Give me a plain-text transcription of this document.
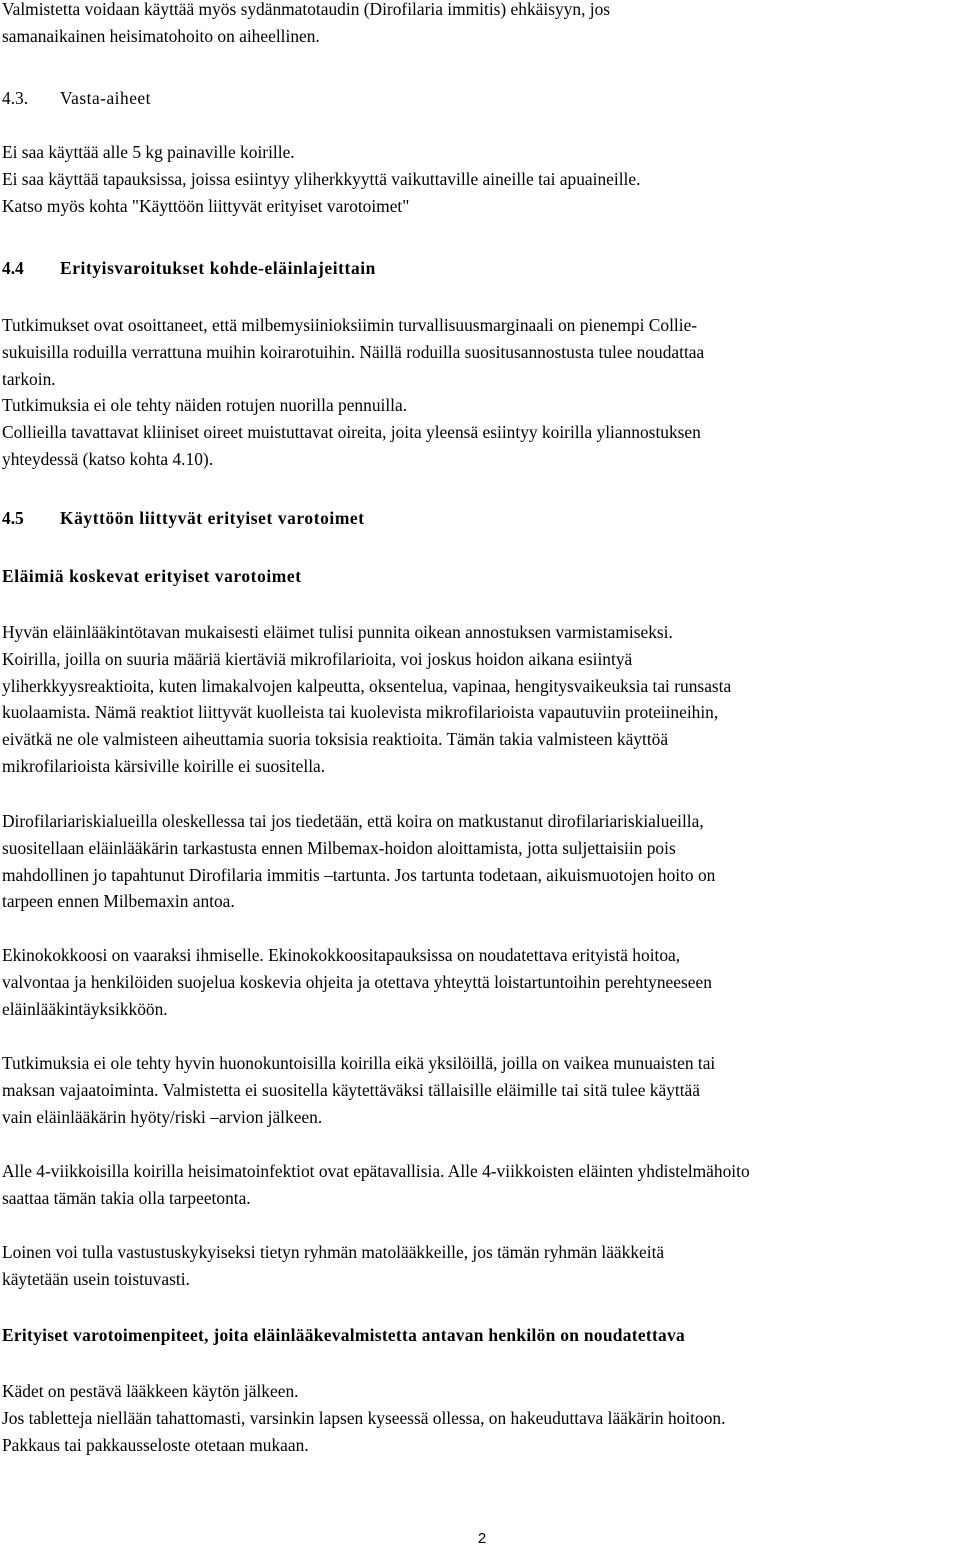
Valmistetta voidaan käyttää myös sydänmatotaudin (Dirofilaria immitis) ehkäisyyn, jos
samanaikainen heisimatohoito on aiheellinen.

4.3. Vasta-aiheet

Ei saa käyttää alle 5 kg painaville koirille.
Ei saa käyttää tapauksissa, joissa esiintyy yliherkkyyttä vaikuttaville aineille tai apuaineille.
Katso myös kohta "Käyttöön liittyvät erityiset varotoimet"

4.4 Erityisvaroitukset kohde-eläinlajeittain

Tutkimukset ovat osoittaneet, että milbemysiinioksiimin turvallisuusmarginaali on pienempi Collie-
sukuisilla roduilla verrattuna muihin koirarotuihin. Näillä roduilla suositusannostusta tulee noudattaa
tarkoin.
Tutkimuksia ei ole tehty näiden rotujen nuorilla pennuilla.
Collieilla tavattavat kliiniset oireet muistuttavat oireita, joita yleensä esiintyy koirilla yliannostuksen
yhteydessä (katso kohta 4.10).

4.5 Käyttöön liittyvät erityiset varotoimet

Eläimiä koskevat erityiset varotoimet

Hyvän eläinlääkintötavan mukaisesti eläimet tulisi punnita oikean annostuksen varmistamiseksi.
Koirilla, joilla on suuria määriä kiertäviä mikrofilarioita, voi joskus hoidon aikana esiintyä
yliherkkyysreaktioita, kuten limakalvojen kalpeutta, oksentelua, vapinaa, hengitysvaikeuksia tai runsasta
kuolaamista. Nämä reaktiot liittyvät kuolleista tai kuolevista mikrofilarioista vapautuviin proteiineihin,
eivätkä ne ole valmisteen aiheuttamia suoria toksisia reaktioita. Tämän takia valmisteen käyttöä
mikrofilarioista kärsiville koirille ei suositella.

Dirofilariariskialueilla oleskellessa tai jos tiedetään, että koira on matkustanut dirofilariariskialueilla,
suositellaan eläinlääkärin tarkastusta ennen Milbemax-hoidon aloittamista, jotta suljettaisiin pois
mahdollinen jo tapahtunut Dirofilaria immitis –tartunta. Jos tartunta todetaan, aikuismuotojen hoito on
tarpeen ennen Milbemaxin antoa.

Ekinokokkoosi on vaaraksi ihmiselle. Ekinokokkoositapauksissa on noudatettava erityistä hoitoa,
valvontaa ja henkilöiden suojelua koskevia ohjeita ja otettava yhteyttä loistartuntoihin perehtyneeseen
eläinlääkintäyksikköön.

Tutkimuksia ei ole tehty hyvin huonokuntoisilla koirilla eikä yksilöillä, joilla on vaikea munuaisten tai
maksan vajaatoiminta. Valmistetta ei suositella käytettäväksi tällaisille eläimille tai sitä tulee käyttää
vain eläinlääkärin hyöty/riski –arvion jälkeen.

Alle 4-viikkoisilla koirilla heisimatoinfektiot ovat epätavallisia. Alle 4-viikkoisten eläinten yhdistelmähoito
saattaa tämän takia olla tarpeetonta.

Loinen voi tulla vastustuskykyiseksi tietyn ryhmän matolääkkeille, jos tämän ryhmän lääkkeitä
käytetään usein toistuvasti.

Erityiset varotoimenpiteet, joita eläinlääkevalmistetta antavan henkilön on noudatettava

Kädet on pestävä lääkkeen käytön jälkeen.
Jos tabletteja niellään tahattomasti, varsinkin lapsen kyseessä ollessa, on hakeuduttava lääkärin hoitoon.
Pakkaus tai pakkausseloste otetaan mukaan.

2
